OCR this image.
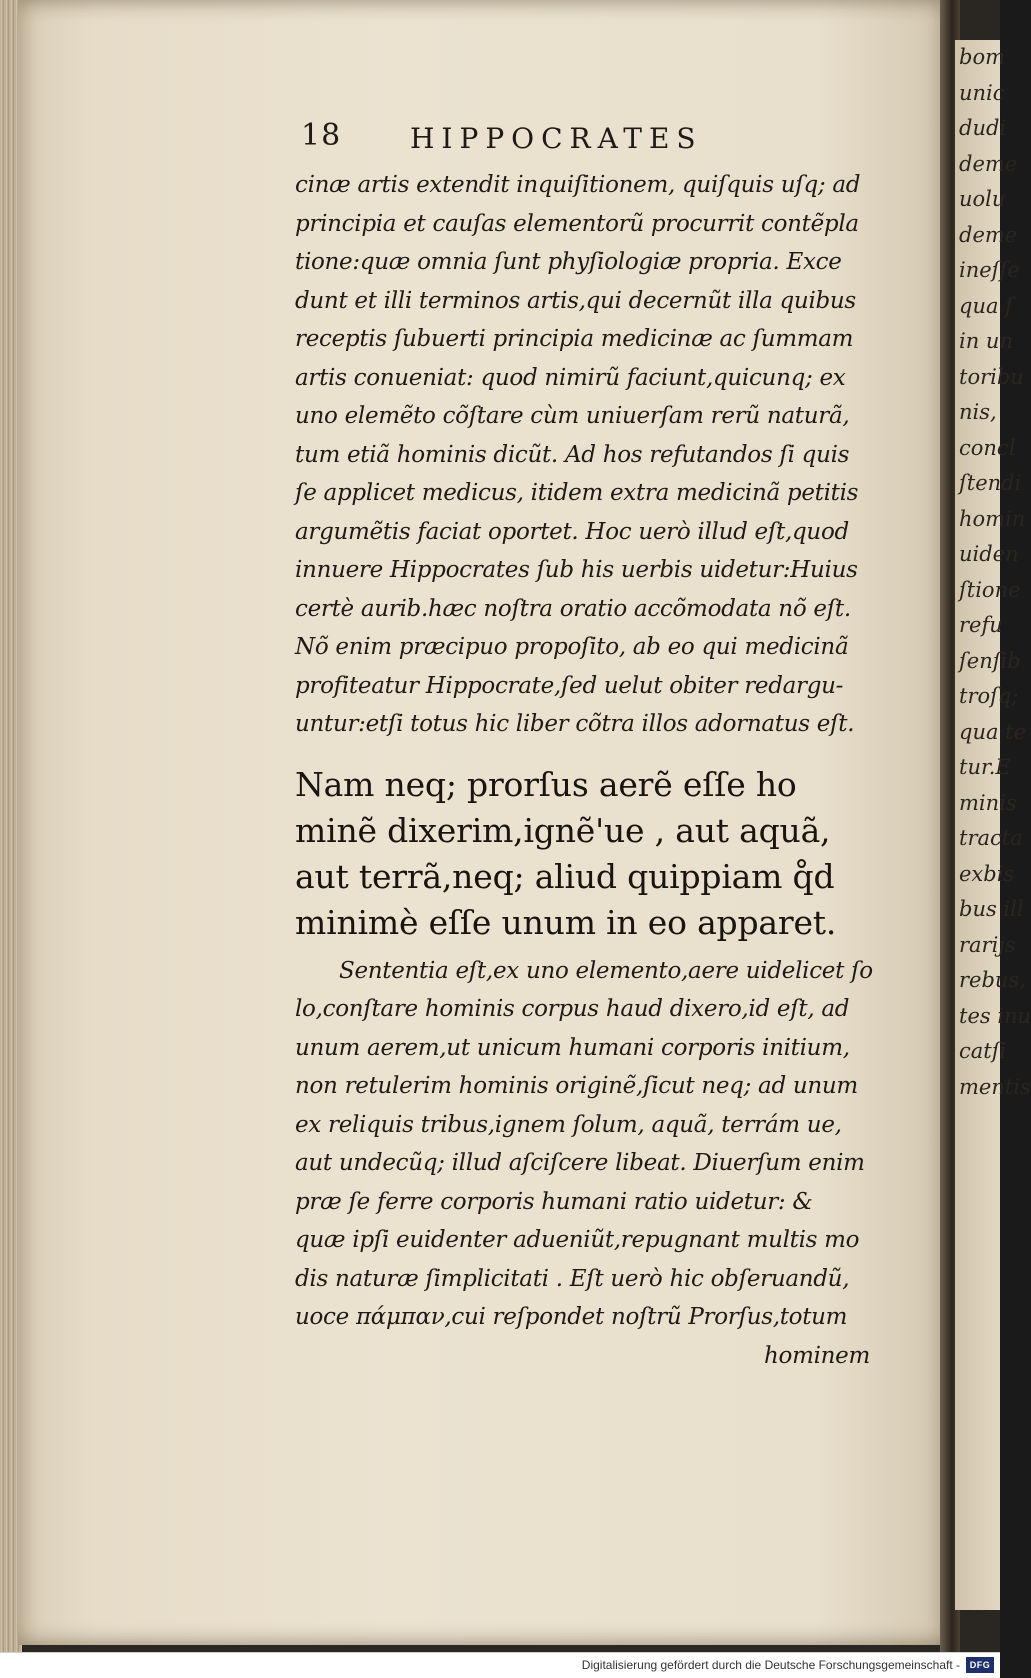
bom
unic
dudi
deme
uolu
deme
ineſſe
qua ſ
in un
toribu
nis,
concl
ſtendi
homin
uiden
ſtione
refu
ſenſib
troſq;
qua te
tur.E
minis
tracta
exbis
bus ill
rarijs
rebus,
tes inu
catſi
mentis
18 HIPPOCRATES
cinæ artis extendit inquiſitionem, quiſquis uſq; ad
principia et cauſas elementorũ procurrit contẽpla
tione:quæ omnia ſunt phyſiologiæ propria. Exce
dunt et illi terminos artis,qui decernũt illa quibus
receptis ſubuerti principia medicinæ ac ſummam
artis conueniat: quod nimirũ faciunt,quicunq; ex
uno elemẽto cõſtare cùm uniuerſam rerũ naturã,
tum etiã hominis dicũt. Ad hos refutandos ſi quis
ſe applicet medicus, itidem extra medicinã petitis
argumẽtis faciat oportet. Hoc uerò illud eſt,quod
innuere Hippocrates ſub his uerbis uidetur:Huius
certè aurib.hæc noſtra oratio accõmodata nõ eſt.
Nõ enim præcipuo propoſito, ab eo qui medicinã
profiteatur Hippocrate,ſed uelut obiter redargu-
untur:etſi totus hic liber cõtra illos adornatus eſt.
Nam neq; prorſus aerẽ eſſe ho
minẽ dixerim,ignẽ'ue , aut aquã,
aut terrã,neq; aliud quippiam q̊d
minimè eſſe unum in eo apparet.
Sententia eſt,ex uno elemento,aere uidelicet ſo
lo,conſtare hominis corpus haud dixero,id eſt, ad
unum aerem,ut unicum humani corporis initium,
non retulerim hominis originẽ,ſicut neq; ad unum
ex reliquis tribus,ignem ſolum, aquã, terrám ue,
aut undecũq; illud aſciſcere libeat. Diuerſum enim
præ ſe ferre corporis humani ratio uidetur: &
quæ ipſi euidenter adueniũt,repugnant multis mo
dis naturæ ſimplicitati . Eſt uerò hic obſeruandũ,
uoce πάμπαν,cui reſpondet noſtrũ Prorſus,totum
hominem
Digitalisierung gefördert durch die Deutsche Forschungsgemeinschaft -	DFG
